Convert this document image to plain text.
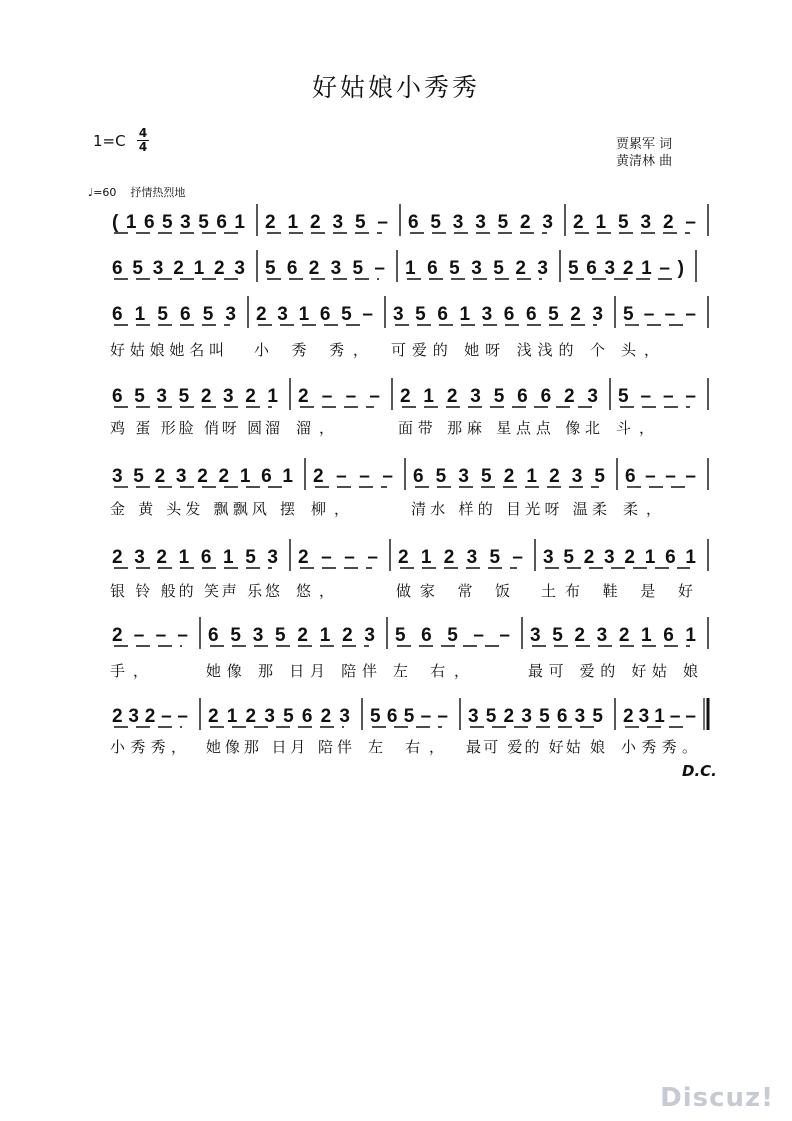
好姑娘小秀秀
1=C 4
4	贾累军 词
黄清林 曲
♩=60 抒情热烈地
( 1 6 5 3 5 6 1 2 1 2 3 5 – 6 5 3 3 5 2 3 2 1 5 3 2 –
6 5 3 2 1 2 3 5 6 2 3 5 – 1 6 5 3 5 2 3 5 6 3 2 1 – )
6 1 5 6 5 3 2 3 1 6 5 – 3 5 6 1 3 6 6 5 2 3 5 – – –
好姑娘她名叫 小 秀 秀， 可爱的 她呀 浅浅的 个 头，
6 5 3 5 2 3 2 1 2 – – – 2 1 2 3 5 6 6 2 3 5 – – –
鸡 蛋 形脸 俏呀 圆溜 溜，	面带 那麻 星点点 像北 斗，
3 5 2 3 2 2 1 6 1 2 – – – 6 5 3 5 2 1 2 3 5 6 – – –
金 黄 头发 飘飘风 摆 柳，	清水 样的 目光呀 温柔 柔，
2 3 2 1 6 1 5 3 2 – – – 2 1 2 3 5 – 3 5 2 3 2 1 6 1
银 铃 般的 笑声 乐悠 悠，	做家 常 饭 土布 鞋 是 好
2 – – – 6 5 3 5 2 1 2 3 5 6 5 – – 3 5 2 3 2 1 6 1
手，	她像 那 日月 陪伴 左 右，	最可 爱的 好姑 娘
2 3 2 – – 2 1 2 3 5 6 2 3 5 6 5 – – 3 5 2 3 5 6 3 5 2 3 1 – –
小秀秀， 她像那 日月 陪伴 左 右， 最可 爱的 好姑 娘 小秀秀。
D.C.
Discuz!
